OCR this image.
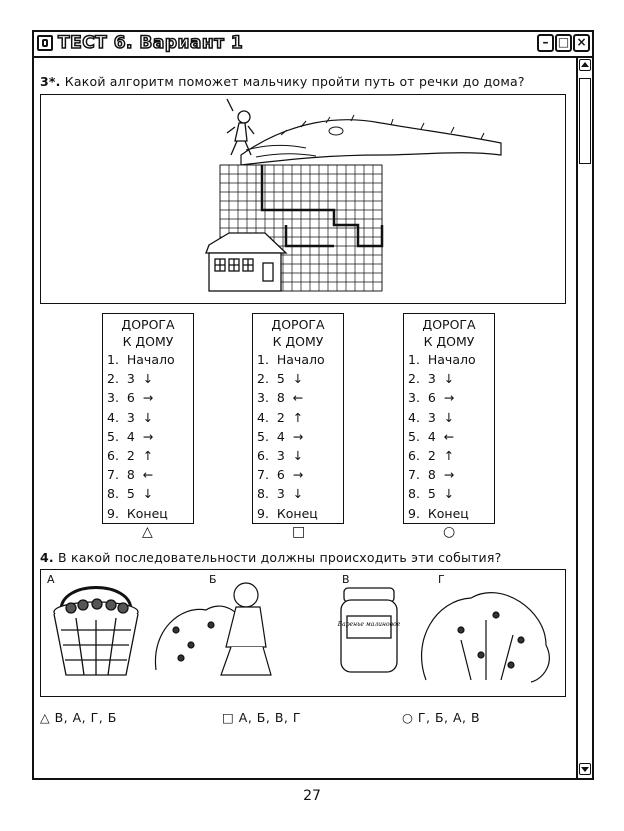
ТЕСТ 6. Вариант 1	– □ ×
3*. Какой алгоритм поможет мальчику пройти путь от речки до дома?
ДОРОГА
К ДОМУ
1.  Начало
2.  3  ↓
3.  6  →
4.  3  ↓
5.  4  →
6.  2  ↑
7.  8  ←
8.  5  ↓
9.  Конец
△
ДОРОГА
К ДОМУ
1.  Начало
2.  5  ↓
3.  8  ←
4.  2  ↑
5.  4  →
6.  3  ↓
7.  6  →
8.  3  ↓
9.  Конец
□
ДОРОГА
К ДОМУ
1.  Начало
2.  3  ↓
3.  6  →
4.  3  ↓
5.  4  ←
6.  2  ↑
7.  8  →
8.  5  ↓
9.  Конец
○
4. В какой последовательности должны происходить эти события?
А	Б	В	Г
Варенье малиновое
△ В, А, Г, Б	□ А, Б, В, Г	○ Г, Б, А, В
27
